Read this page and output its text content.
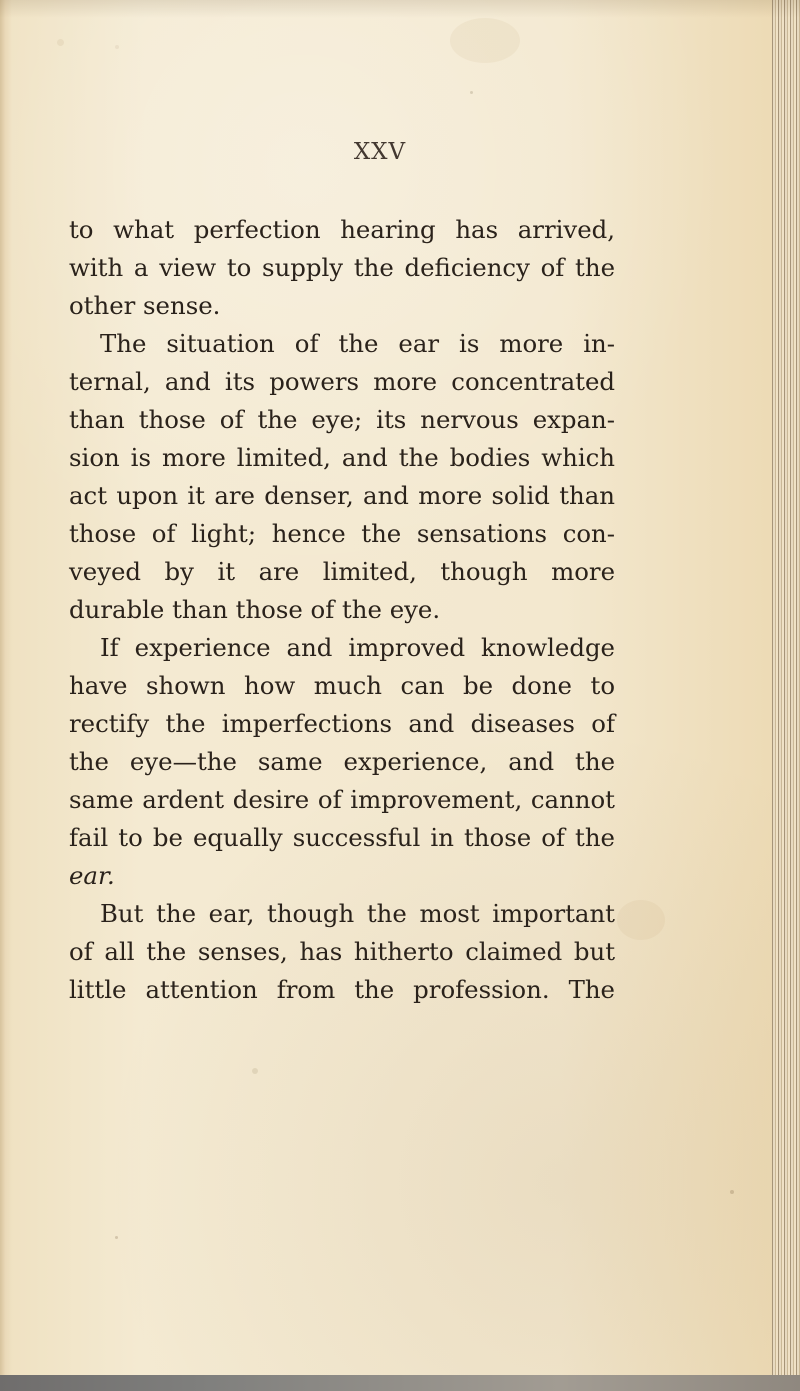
XXV
to what perfection hearing has arrived,
with a view to supply the deficiency of the
other sense.
The situation of the ear is more in-
ternal, and its powers more concentrated
than those of the eye; its nervous expan-
sion is more limited, and the bodies which
act upon it are denser, and more solid than
those of light; hence the sensations con-
veyed by it are limited, though more
durable than those of the eye.
If experience and improved knowledge
have shown how much can be done to
rectify the imperfections and diseases of
the eye—the same experience, and the
same ardent desire of improvement, cannot
fail to be equally successful in those of the
ear.
But the ear, though the most important
of all the senses, has hitherto claimed but
little attention from the profession. The
